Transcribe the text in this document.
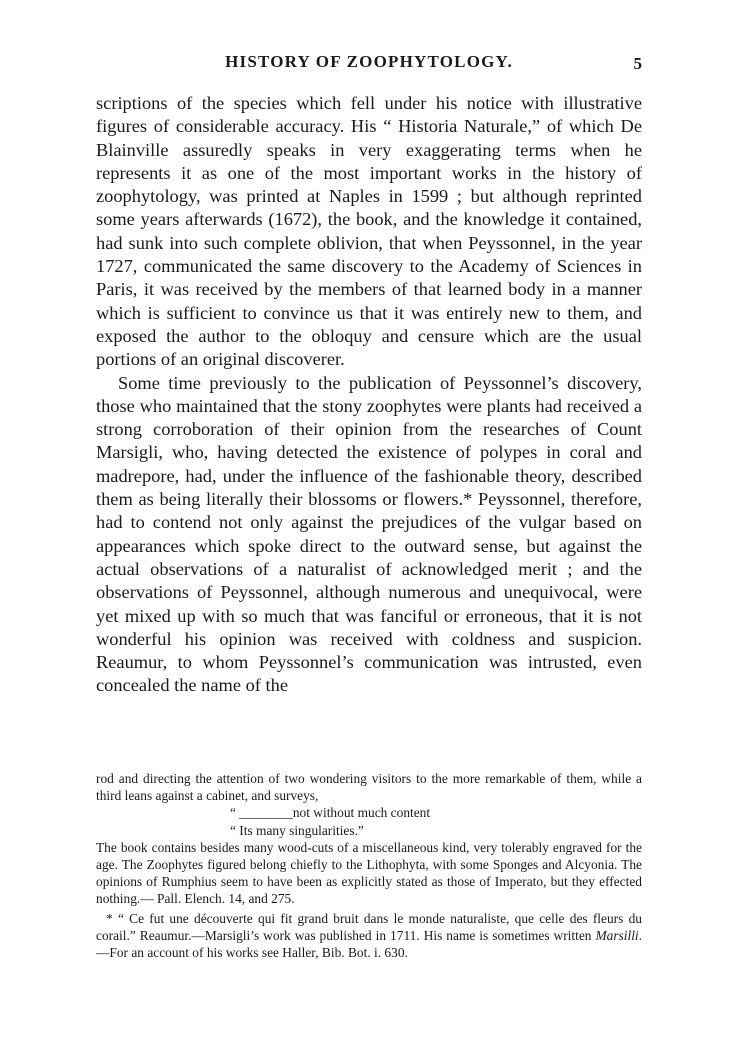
HISTORY OF ZOOPHYTOLOGY.	5

scriptions of the species which fell under his notice with illustrative figures of considerable accuracy. His “ Historia Naturale,” of which De Blainville assuredly speaks in very exaggerating terms when he represents it as one of the most important works in the history of zoophytology, was printed at Naples in 1599 ; but although reprinted some years afterwards (1672), the book, and the knowledge it contained, had sunk into such complete oblivion, that when Peyssonnel, in the year 1727, communicated the same discovery to the Academy of Sciences in Paris, it was received by the members of that learned body in a manner which is sufficient to convince us that it was entirely new to them, and exposed the author to the obloquy and censure which are the usual portions of an original discoverer.

Some time previously to the publication of Peyssonnel’s discovery, those who maintained that the stony zoophytes were plants had received a strong corroboration of their opinion from the researches of Count Marsigli, who, having detected the existence of polypes in coral and madrepore, had, under the influence of the fashionable theory, described them as being literally their blossoms or flowers.* Peyssonnel, therefore, had to contend not only against the prejudices of the vulgar based on appearances which spoke direct to the outward sense, but against the actual observations of a naturalist of acknowledged merit ; and the observations of Peyssonnel, although numerous and unequivocal, were yet mixed up with so much that was fanciful or erroneous, that it is not wonderful his opinion was received with coldness and suspicion. Reaumur, to whom Peyssonnel’s communication was intrusted, even concealed the name of the

rod and directing the attention of two wondering visitors to the more remarkable of them, while a third leans against a cabinet, and surveys,

“ ________not without much content

“ Its many singularities.”

The book contains besides many wood-cuts of a miscellaneous kind, very tolerably engraved for the age. The Zoophytes figured belong chiefly to the Lithophyta, with some Sponges and Alcyonia. The opinions of Rumphius seem to have been as explicitly stated as those of Imperato, but they effected nothing.— Pall. Elench. 14, and 275.

* “ Ce fut une découverte qui fit grand bruit dans le monde naturaliste, que celle des fleurs du corail.” Reaumur.—Marsigli’s work was published in 1711. His name is sometimes written Marsilli.—For an account of his works see Haller, Bib. Bot. i. 630.
